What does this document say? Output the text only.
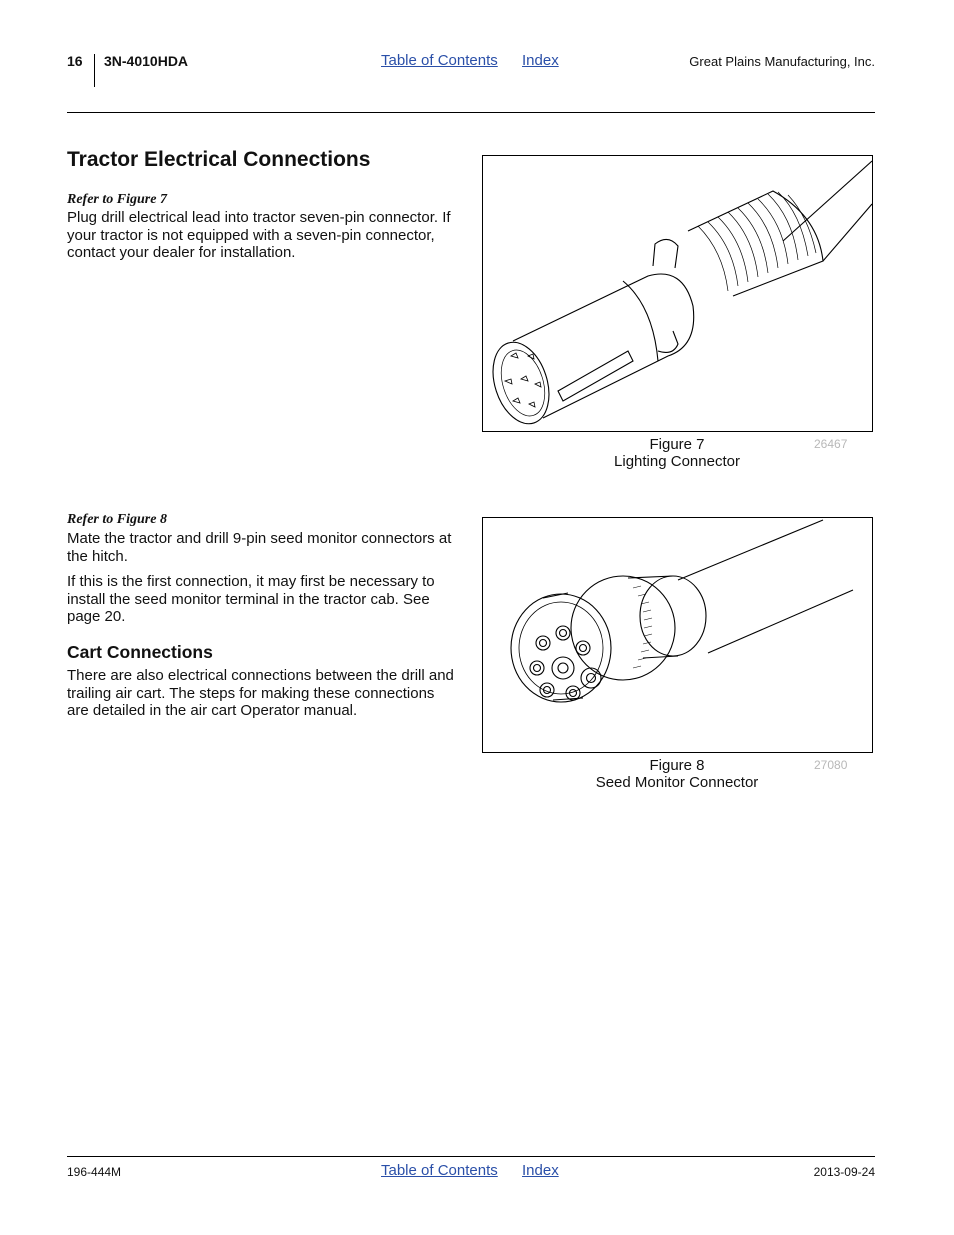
16 3N-4010HDA	Table of Contents Index	Great Plains Manufacturing, Inc.
Tractor Electrical Connections
Refer to Figure 7
Plug drill electrical lead into tractor seven-pin connector. If your tractor is not equipped with a seven-pin connector, contact your dealer for installation.
Refer to Figure 8
Mate the tractor and drill 9-pin seed monitor connectors at the hitch.
If this is the first connection, it may first be necessary to install the seed monitor terminal in the tractor cab. See page 20.
Cart Connections
There are also electrical connections between the drill and trailing air cart. The steps for making these connections are detailed in the air cart Operator manual.
Figure 7
Lighting Connector
26467
Figure 8
Seed Monitor Connector
27080
196-444M	Table of Contents Index	2013-09-24
